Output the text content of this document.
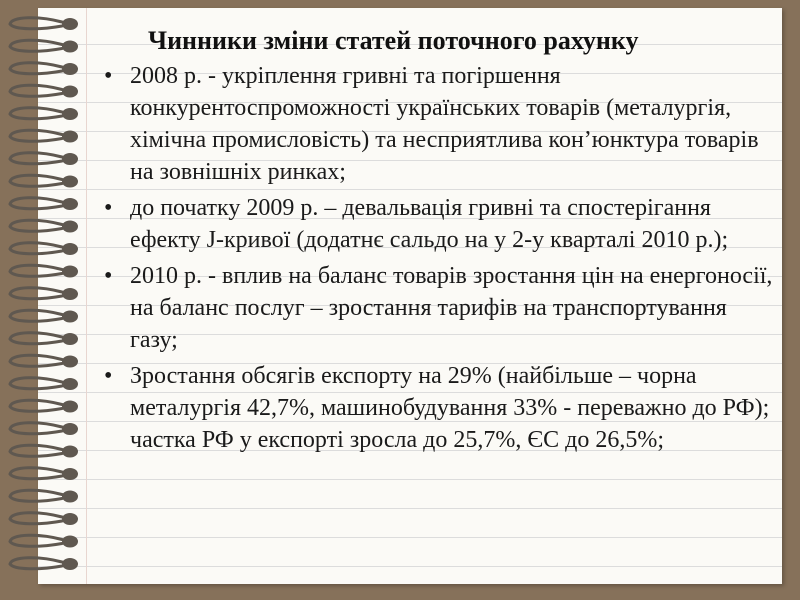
Чинники зміни статей поточного рахунку
• 2008 р. - укріплення гривні та погіршення конкурентоспроможності українських товарів (металургія, хімічна промисловість) та несприятлива кон’юнктура товарів на зовнішніх ринках;
• до початку 2009 р. – девальвація гривні та спостерігання ефекту J-кривої (додатнє сальдо на у 2-у кварталі 2010 р.);
• 2010 р. - вплив на баланс товарів зростання цін на енергоносії, на баланс послуг – зростання тарифів на транспортування газу;
• Зростання обсягів експорту на 29% (найбільше – чорна металургія 42,7%, машинобудування 33% - переважно до РФ); частка РФ у експорті зросла до 25,7%, ЄС до 26,5%;
